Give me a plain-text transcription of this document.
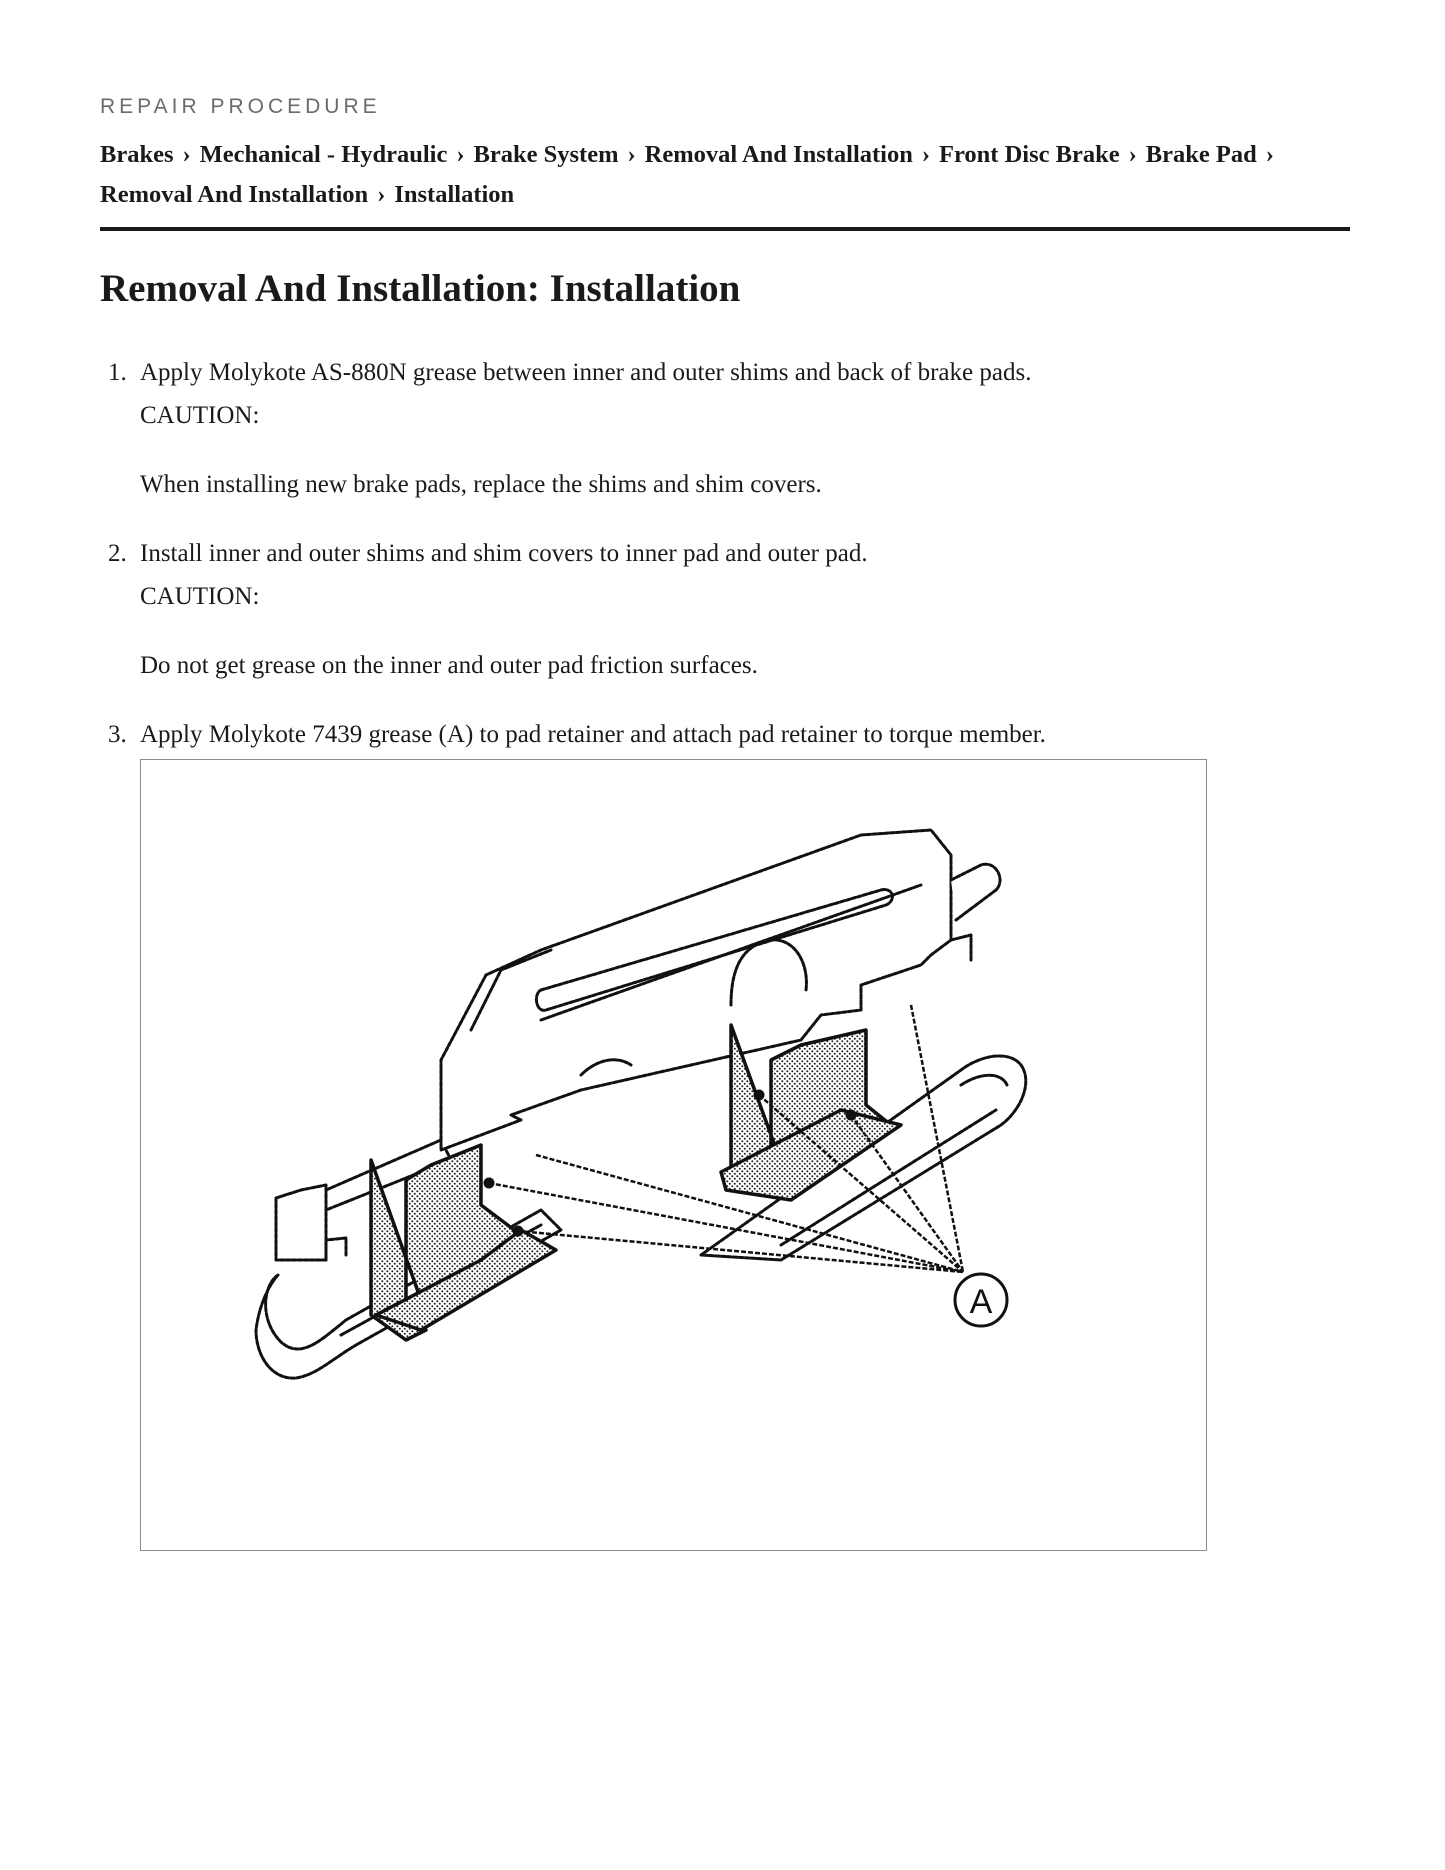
REPAIR PROCEDURE
Brakes › Mechanical - Hydraulic › Brake System › Removal And Installation › Front Disc Brake › Brake Pad ›
Removal And Installation › Installation
Removal And Installation: Installation
1. Apply Molykote AS-880N grease between inner and outer shims and back of brake pads.
CAUTION:
When installing new brake pads, replace the shims and shim covers.
2. Install inner and outer shims and shim covers to inner pad and outer pad.
CAUTION:
Do not get grease on the inner and outer pad friction surfaces.
3. Apply Molykote 7439 grease (A) to pad retainer and attach pad retainer to torque member.
A
